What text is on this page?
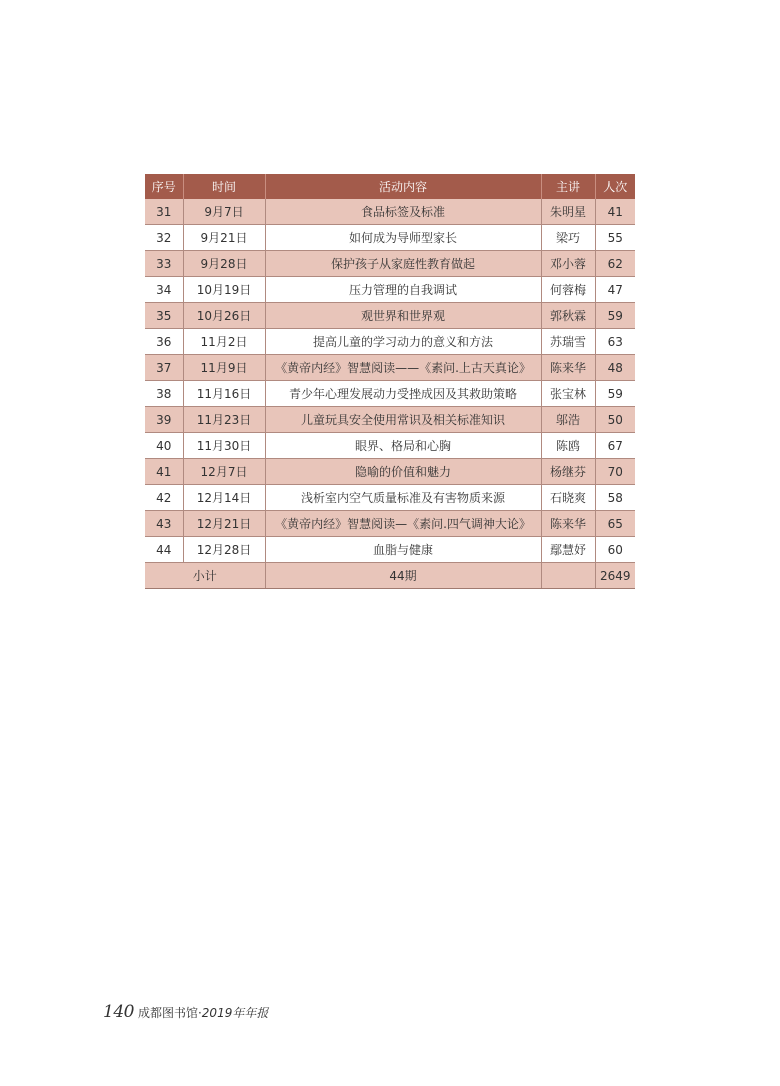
序号	时间	活动内容	主讲	人次
31	9月7日	食品标签及标准	朱明星	41
32	9月21日	如何成为导师型家长	梁巧	55
33	9月28日	保护孩子从家庭性教育做起	邓小蓉	62
34	10月19日	压力管理的自我调试	何蓉梅	47
35	10月26日	观世界和世界观	郭秋霖	59
36	11月2日	提高儿童的学习动力的意义和方法	苏瑞雪	63
37	11月9日	《黄帝内经》智慧阅读——《素问.上古天真论》	陈来华	48
38	11月16日	青少年心理发展动力受挫成因及其救助策略	张宝林	59
39	11月23日	儿童玩具安全使用常识及相关标准知识	邬浩	50
40	11月30日	眼界、格局和心胸	陈鸥	67
41	12月7日	隐喻的价值和魅力	杨继芬	70
42	12月14日	浅析室内空气质量标准及有害物质来源	石晓爽	58
43	12月21日	《黄帝内经》智慧阅读—《素问.四气调神大论》	陈来华	65
44	12月28日	血脂与健康	鄢慧妤	60
小计		44期		2649
140 成都图书馆·2019年年报
